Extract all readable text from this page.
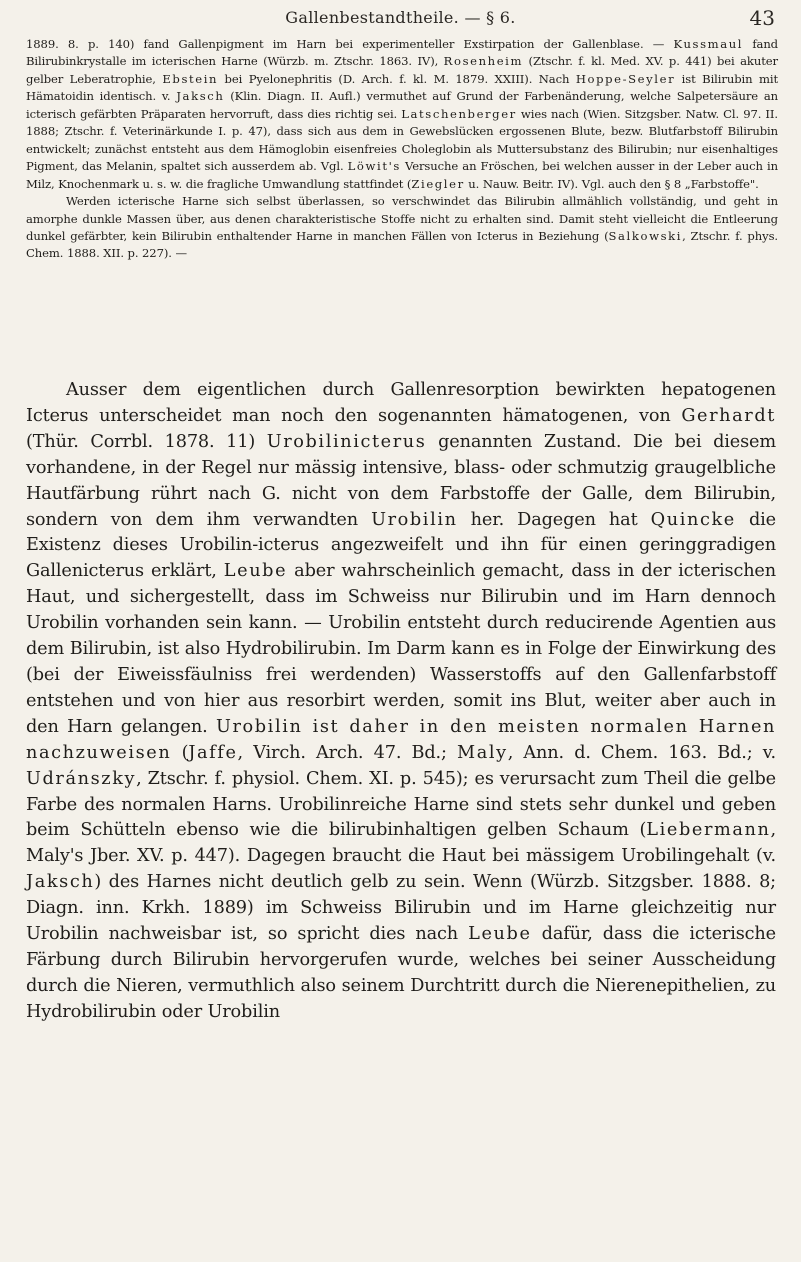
Gallenbestandtheile. — § 6.	43

1889. 8. p. 140) fand Gallenpigment im Harn bei experimenteller Exstirpation der Gallenblase. — Kussmaul fand Bilirubinkrystalle im icterischen Harne (Würzb. m. Ztschr. 1863. IV), Rosenheim (Ztschr. f. kl. Med. XV. p. 441) bei akuter gelber Leberatrophie, Ebstein bei Pyelonephritis (D. Arch. f. kl. M. 1879. XXIII). Nach Hoppe-Seyler ist Bilirubin mit Hämatoidin identisch. v. Jaksch (Klin. Diagn. II. Aufl.) vermuthet auf Grund der Farbenänderung, welche Salpetersäure an icterisch gefärbten Präparaten hervorruft, dass dies richtig sei. Latschenberger wies nach (Wien. Sitzgsber. Natw. Cl. 97. II. 1888; Ztschr. f. Veterinärkunde I. p. 47), dass sich aus dem in Gewebslücken ergossenen Blute, bezw. Blutfarbstoff Bilirubin entwickelt; zunächst entsteht aus dem Hämoglobin eisenfreies Choleglobin als Muttersubstanz des Bilirubin; nur eisenhaltiges Pigment, das Melanin, spaltet sich ausserdem ab. Vgl. Löwit's Versuche an Fröschen, bei welchen ausser in der Leber auch in Milz, Knochenmark u. s. w. die fragliche Umwandlung stattfindet (Ziegler u. Nauw. Beitr. IV). Vgl. auch den § 8 „Farbstoffe".

Werden icterische Harne sich selbst überlassen, so verschwindet das Bilirubin allmählich vollständig, und geht in amorphe dunkle Massen über, aus denen charakteristische Stoffe nicht zu erhalten sind. Damit steht vielleicht die Entleerung dunkel gefärbter, kein Bilirubin enthaltender Harne in manchen Fällen von Icterus in Beziehung (Salkowski, Ztschr. f. phys. Chem. 1888. XII. p. 227). —

Ausser dem eigentlichen durch Gallenresorption bewirkten hepatogenen Icterus unterscheidet man noch den sogenannten hämatogenen, von Gerhardt (Thür. Corrbl. 1878. 11) Urobilinicterus genannten Zustand. Die bei diesem vorhandene, in der Regel nur mässig intensive, blass- oder schmutzig graugelbliche Hautfärbung rührt nach G. nicht von dem Farbstoffe der Galle, dem Bilirubin, sondern von dem ihm verwandten Urobilin her. Dagegen hat Quincke die Existenz dieses Urobilin-icterus angezweifelt und ihn für einen geringgradigen Gallenicterus erklärt, Leube aber wahrscheinlich gemacht, dass in der icterischen Haut, und sichergestellt, dass im Schweiss nur Bilirubin und im Harn dennoch Urobilin vorhanden sein kann. — Urobilin entsteht durch reducirende Agentien aus dem Bilirubin, ist also Hydrobilirubin. Im Darm kann es in Folge der Einwirkung des (bei der Eiweissfäulniss frei werdenden) Wasserstoffs auf den Gallenfarbstoff entstehen und von hier aus resorbirt werden, somit ins Blut, weiter aber auch in den Harn gelangen. Urobilin ist daher in den meisten normalen Harnen nachzuweisen (Jaffe, Virch. Arch. 47. Bd.; Maly, Ann. d. Chem. 163. Bd.; v. Udránszky, Ztschr. f. physiol. Chem. XI. p. 545); es verursacht zum Theil die gelbe Farbe des normalen Harns. Urobilinreiche Harne sind stets sehr dunkel und geben beim Schütteln ebenso wie die bilirubinhaltigen gelben Schaum (Liebermann, Maly's Jber. XV. p. 447). Dagegen braucht die Haut bei mässigem Urobilingehalt (v. Jaksch) des Harnes nicht deutlich gelb zu sein. Wenn (Würzb. Sitzgsber. 1888. 8; Diagn. inn. Krkh. 1889) im Schweiss Bilirubin und im Harne gleichzeitig nur Urobilin nachweisbar ist, so spricht dies nach Leube dafür, dass die icterische Färbung durch Bilirubin hervorgerufen wurde, welches bei seiner Ausscheidung durch die Nieren, vermuthlich also seinem Durchtritt durch die Nierenepithelien, zu Hydrobilirubin oder Urobilin
